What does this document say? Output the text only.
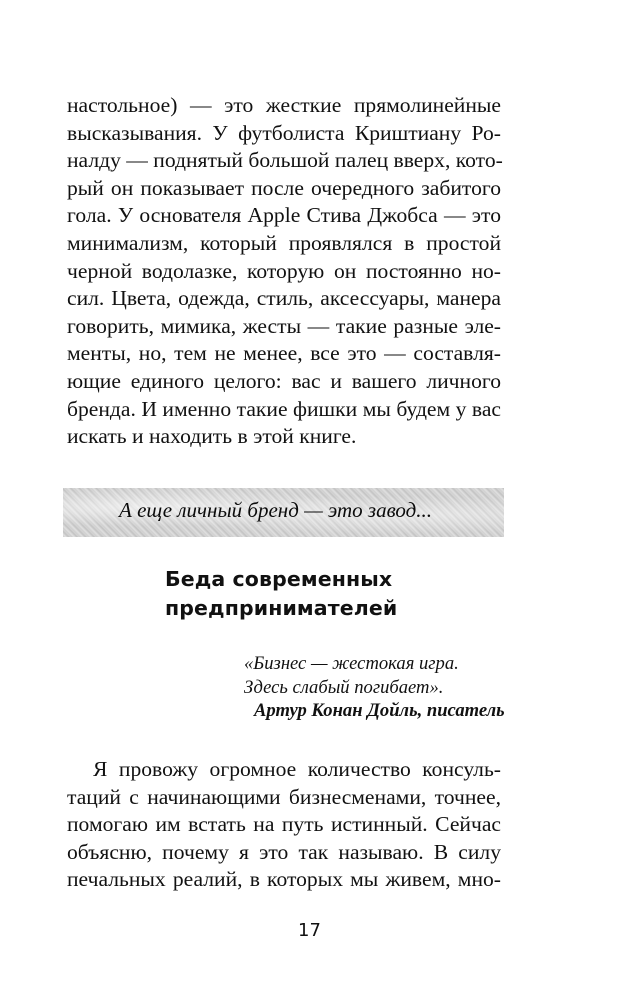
настольное) — это жесткие прямолинейные
высказывания. У футболиста Криштиану Ро-
налду — поднятый большой палец вверх, кото-
рый он показывает после очередного забитого
гола. У основателя Apple Стива Джобса — это
минимализм, который проявлялся в простой
черной водолазке, которую он постоянно но-
сил. Цвета, одежда, стиль, аксессуары, манера
говорить, мимика, жесты — такие разные эле-
менты, но, тем не менее, все это — составля-
ющие единого целого: вас и вашего личного
бренда. И именно такие фишки мы будем у вас
искать и находить в этой книге.
А еще личный бренд — это завод...
Беда современных
предпринимателей
«Бизнес — жестокая игра.
Здесь слабый погибает».
Артур Конан Дойль, писатель
Я провожу огромное количество консуль-
таций с начинающими бизнесменами, точнее,
помогаю им встать на путь истинный. Сейчас
объясню, почему я это так называю. В силу
печальных реалий, в которых мы живем, мно-
17
